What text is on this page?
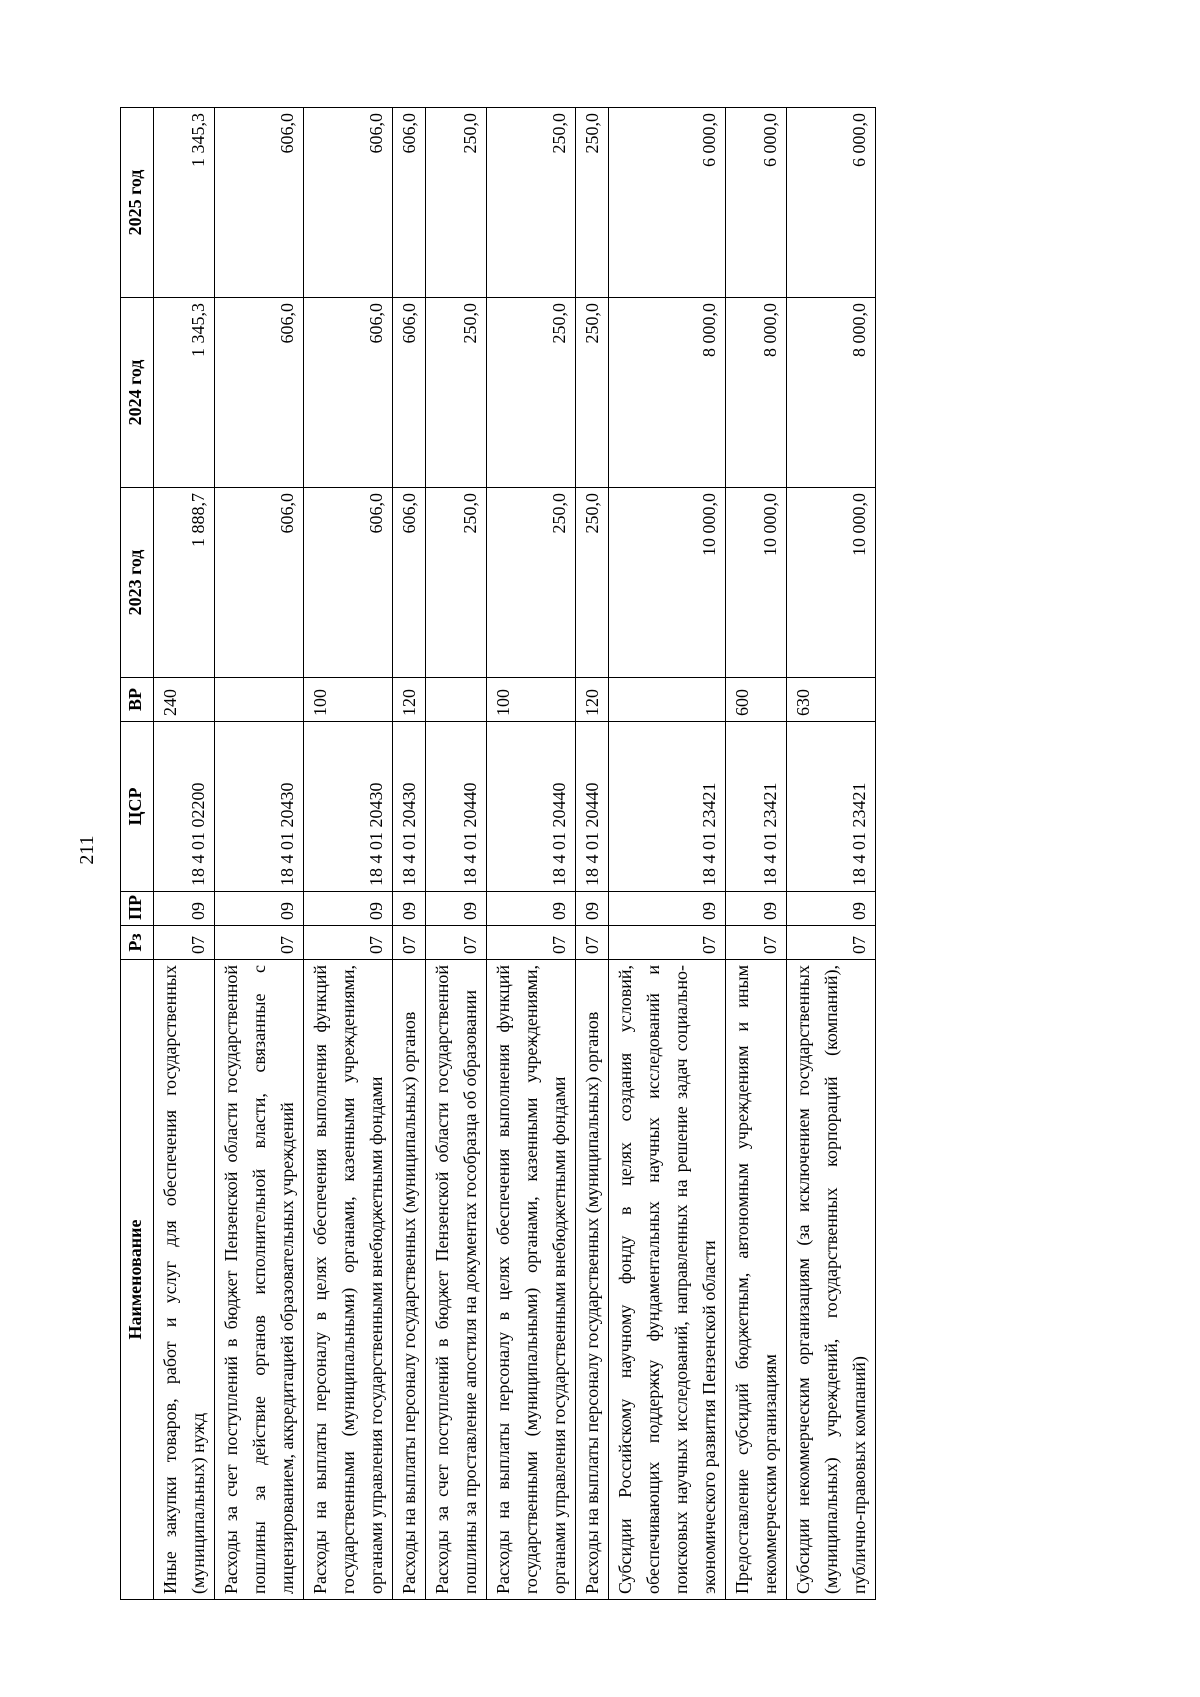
211
Наименование	Рз	ПР	ЦСР	ВР	2023 год	2024 год	2025 год
Иные закупки товаров, работ и услуг для обеспечения государственных (муниципальных) нужд	07	09	18 4 01 02200	240	1 888,7	1 345,3	1 345,3
Расходы за счет поступлений в бюджет Пензенской области государственной пошлины за действие органов исполнительной власти, связанные с лицензированием, аккредитацией образовательных учреждений	07	09	18 4 01 20430		606,0	606,0	606,0
Расходы на выплаты персоналу в целях обеспечения выполнения функций государственными (муниципальными) органами, казенными учреждениями, органами управления государственными внебюджетными фондами	07	09	18 4 01 20430	100	606,0	606,0	606,0
Расходы на выплаты персоналу государственных (муниципальных) органов	07	09	18 4 01 20430	120	606,0	606,0	606,0
Расходы за счет поступлений в бюджет Пензенской области государственной пошлины за проставление апостиля на документах гособразца об образовании	07	09	18 4 01 20440		250,0	250,0	250,0
Расходы на выплаты персоналу в целях обеспечения выполнения функций государственными (муниципальными) органами, казенными учреждениями, органами управления государственными внебюджетными фондами	07	09	18 4 01 20440	100	250,0	250,0	250,0
Расходы на выплаты персоналу государственных (муниципальных) органов	07	09	18 4 01 20440	120	250,0	250,0	250,0
Субсидии Российскому научному фонду в целях создания условий, обеспечивающих поддержку фундаментальных научных исследований и поисковых научных исследований, направленных на решение задач социально-экономического развития Пензенской области	07	09	18 4 01 23421		10 000,0	8 000,0	6 000,0
Предоставление субсидий бюджетным, автономным учреждениям и иным некоммерческим организациям	07	09	18 4 01 23421	600	10 000,0	8 000,0	6 000,0
Субсидии некоммерческим организациям (за исключением государственных (муниципальных) учреждений, государственных корпораций (компаний), публично-правовых компаний)	07	09	18 4 01 23421	630	10 000,0	8 000,0	6 000,0
